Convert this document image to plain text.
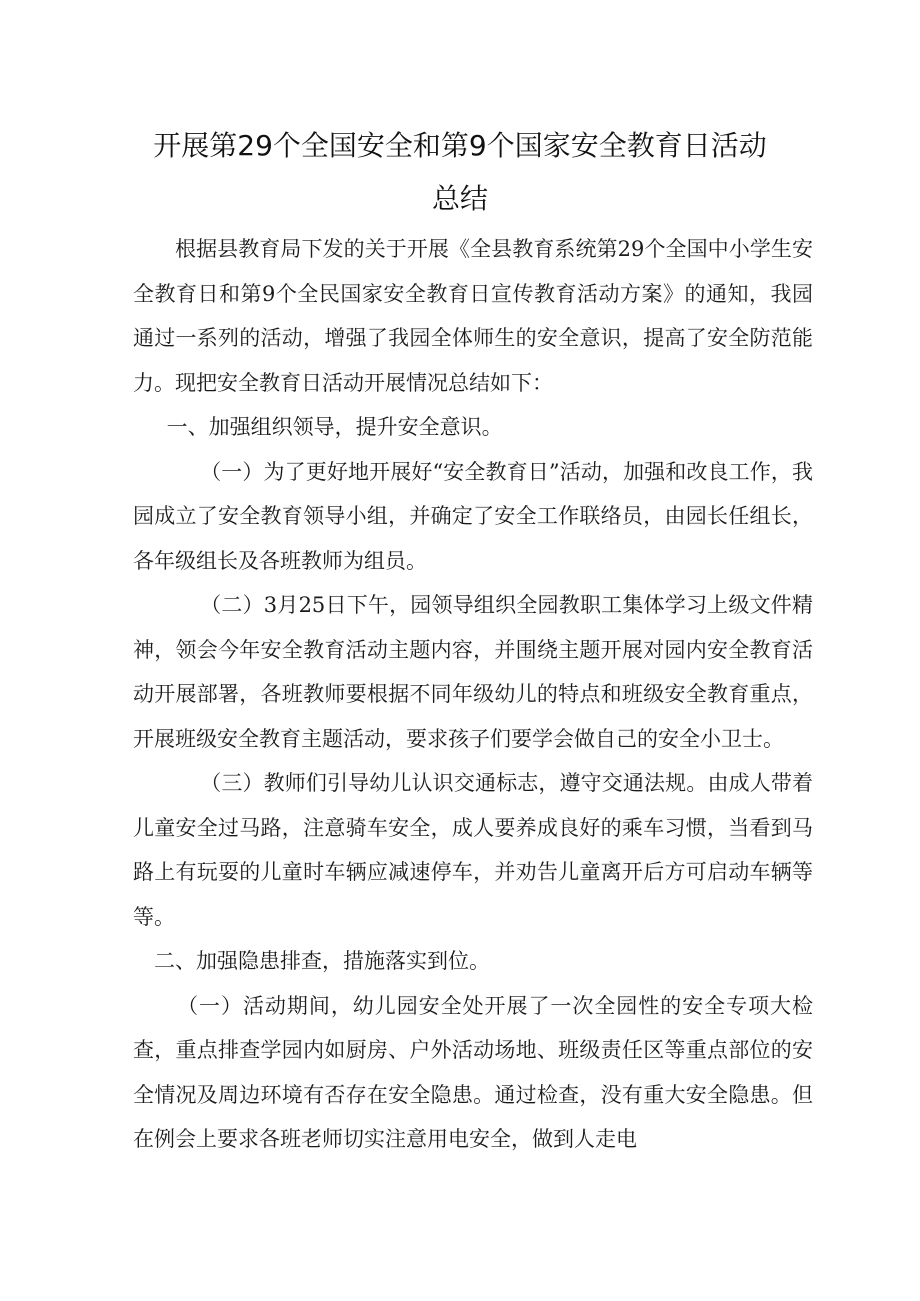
开展第29个全国安全和第9个国家安全教育日活动
总结

根据县教育局下发的关于开展《全县教育系统第29个全国中小学生安全教育日和第9个全民国家安全教育日宣传教育活动方案》的通知，我园通过一系列的活动，增强了我园全体师生的安全意识，提高了安全防范能力。现把安全教育日活动开展情况总结如下：

一、加强组织领导，提升安全意识。

（一）为了更好地开展好“安全教育日”活动，加强和改良工作，我园成立了安全教育领导小组，并确定了安全工作联络员，由园长任组长，各年级组长及各班教师为组员。

（二）3月25日下午，园领导组织全园教职工集体学习上级文件精神，领会今年安全教育活动主题内容，并围绕主题开展对园内安全教育活动开展部署，各班教师要根据不同年级幼儿的特点和班级安全教育重点，开展班级安全教育主题活动，要求孩子们要学会做自己的安全小卫士。

（三）教师们引导幼儿认识交通标志，遵守交通法规。由成人带着儿童安全过马路，注意骑车安全，成人要养成良好的乘车习惯，当看到马路上有玩耍的儿童时车辆应减速停车，并劝告儿童离开后方可启动车辆等等。

二、加强隐患排查，措施落实到位。

（一）活动期间，幼儿园安全处开展了一次全园性的安全专项大检查，重点排查学园内如厨房、户外活动场地、班级责任区等重点部位的安全情况及周边环境有否存在安全隐患。通过检查，没有重大安全隐患。但在例会上要求各班老师切实注意用电安全，做到人走电
